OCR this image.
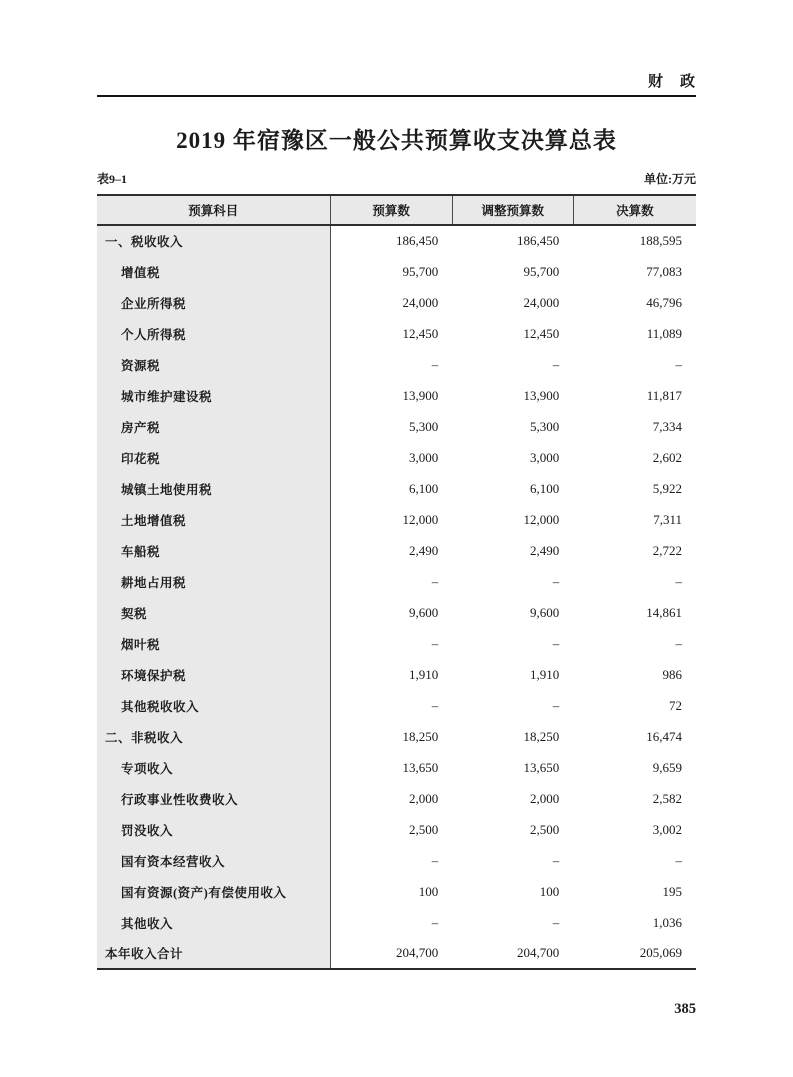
财　政
2019 年宿豫区一般公共预算收支决算总表
表9–1	单位:万元
预算科目	预算数	调整预算数	决算数
一、税收收入	186,450	186,450	188,595
增值税	95,700	95,700	77,083
企业所得税	24,000	24,000	46,796
个人所得税	12,450	12,450	11,089
资源税	–	–	–
城市维护建设税	13,900	13,900	11,817
房产税	5,300	5,300	7,334
印花税	3,000	3,000	2,602
城镇土地使用税	6,100	6,100	5,922
土地增值税	12,000	12,000	7,311
车船税	2,490	2,490	2,722
耕地占用税	–	–	–
契税	9,600	9,600	14,861
烟叶税	–	–	–
环境保护税	1,910	1,910	986
其他税收收入	–	–	72
二、非税收入	18,250	18,250	16,474
专项收入	13,650	13,650	9,659
行政事业性收费收入	2,000	2,000	2,582
罚没收入	2,500	2,500	3,002
国有资本经营收入	–	–	–
国有资源(资产)有偿使用收入	100	100	195
其他收入	–	–	1,036
本年收入合计	204,700	204,700	205,069
385
